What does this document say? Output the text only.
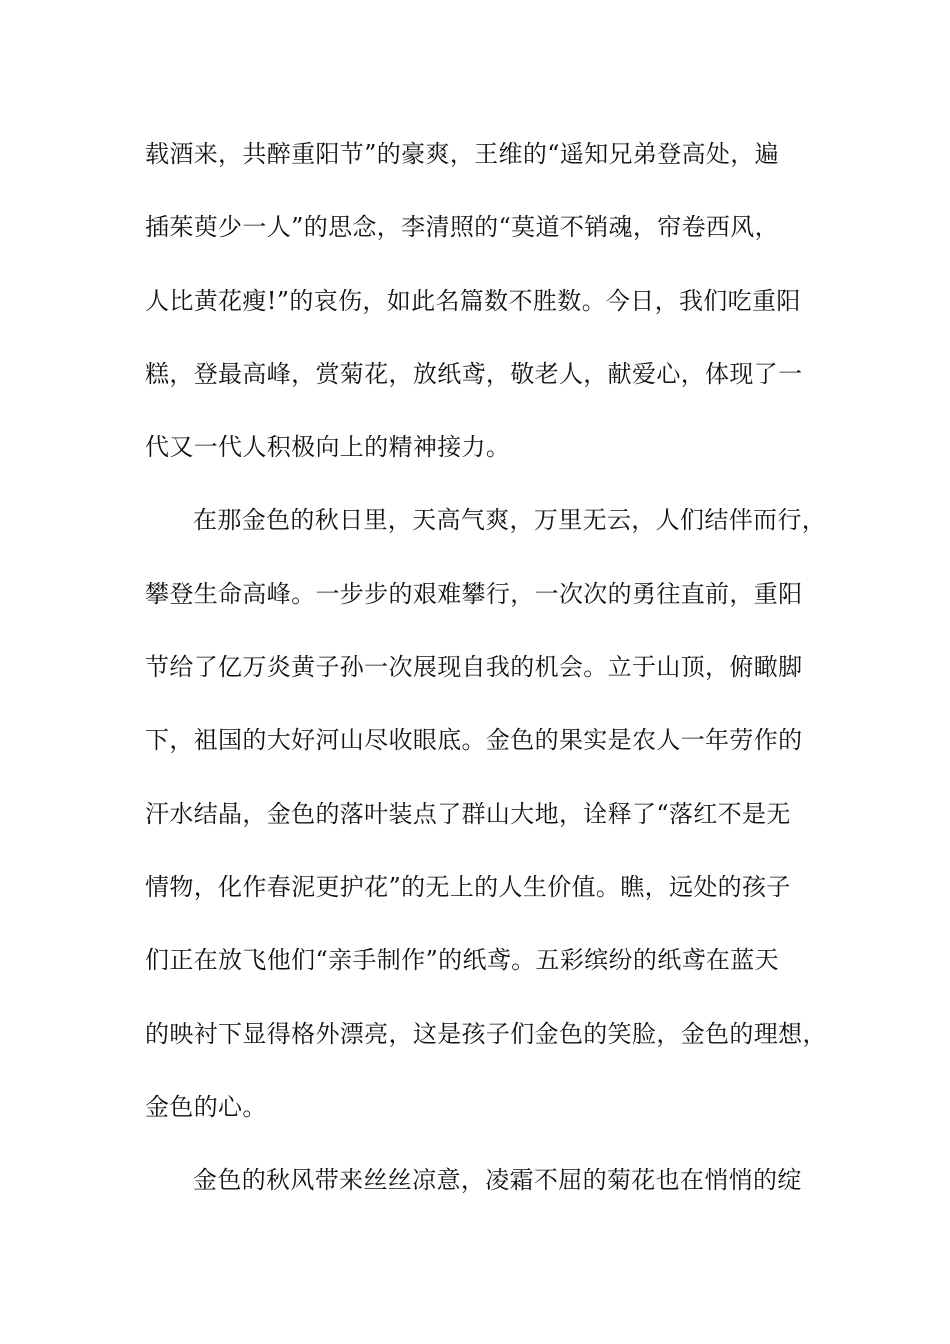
载酒来，共醉重阳节”的豪爽，王维的“遥知兄弟登高处，遍
插茱萸少一人”的思念，李清照的“莫道不销魂，帘卷西风，
人比黄花瘦!”的哀伤，如此名篇数不胜数。今日，我们吃重阳
糕，登最高峰，赏菊花，放纸鸢，敬老人，献爱心，体现了一
代又一代人积极向上的精神接力。
在那金色的秋日里，天高气爽，万里无云，人们结伴而行，
攀登生命高峰。一步步的艰难攀行，一次次的勇往直前，重阳
节给了亿万炎黄子孙一次展现自我的机会。立于山顶，俯瞰脚
下，祖国的大好河山尽收眼底。金色的果实是农人一年劳作的
汗水结晶，金色的落叶装点了群山大地，诠释了“落红不是无
情物，化作春泥更护花”的无上的人生价值。瞧，远处的孩子
们正在放飞他们“亲手制作”的纸鸢。五彩缤纷的纸鸢在蓝天
的映衬下显得格外漂亮，这是孩子们金色的笑脸，金色的理想，
金色的心。
金色的秋风带来丝丝凉意，凌霜不屈的菊花也在悄悄的绽
